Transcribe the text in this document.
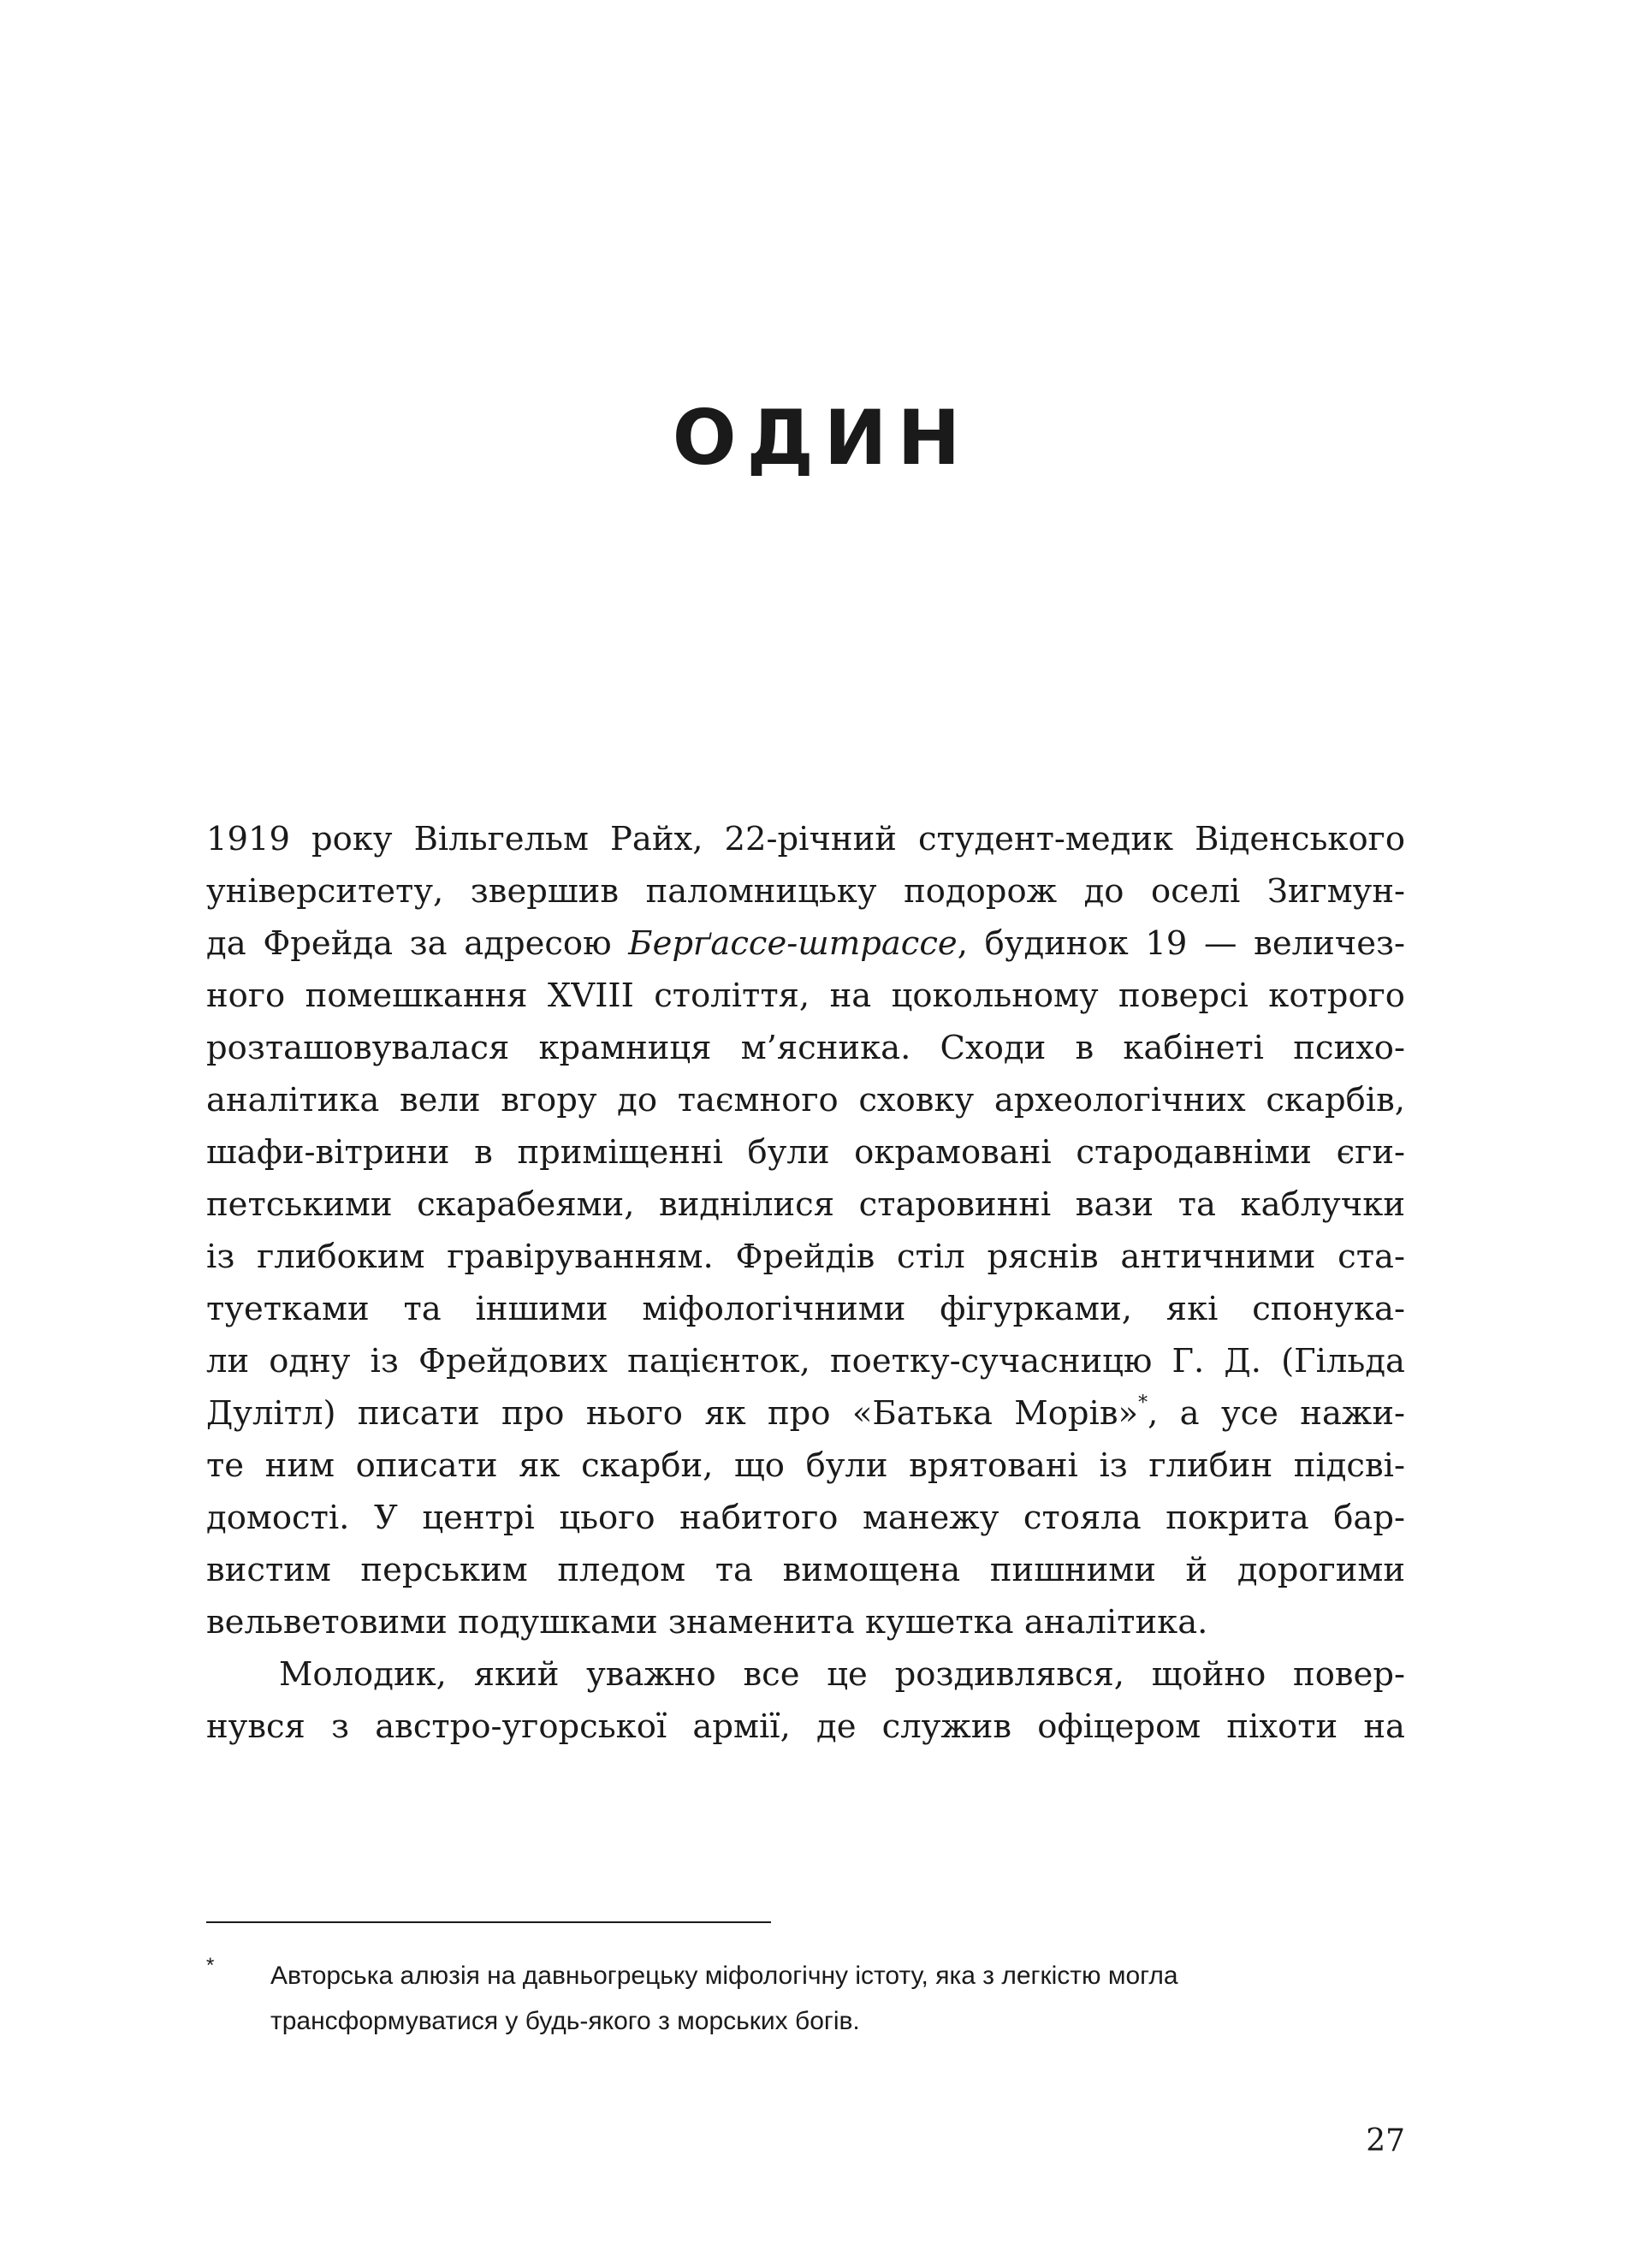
ОДИН
1919 року Вільгельм Райх, 22-річний студент-медик Віденського
університету, звершив паломницьку подорож до оселі Зигмун-
да Фрейда за адресою Берґассе-штрассе, будинок 19 — величез-
ного помешкання XVIII століття, на цокольному поверсі котрого
розташовувалася крамниця м’ясника. Сходи в кабінеті психо-
аналітика вели вгору до таємного сховку археологічних скарбів,
шафи-вітрини в приміщенні були окрамовані стародавніми єги-
петськими скарабеями, виднілися старовинні вази та каблучки
із глибоким гравіруванням. Фрейдів стіл ряснів античними ста-
туетками та іншими міфологічними фігурками, які спонука-
ли одну із Фрейдових пацієнток, поетку-сучасницю Г. Д. (Гільда
Дулітл) писати про нього як про «Батька Морів»*, а усе нажи-
те ним описати як скарби, що були врятовані із глибин підсві-
домості. У центрі цього набитого манежу стояла покрита бар-
вистим перським пледом та вимощена пишними й дорогими
вельветовими подушками знаменита кушетка аналітика.
Молодик, який уважно все це роздивлявся, щойно повер-
нувся з австро-угорської армії, де служив офіцером піхоти на
* Авторська алюзія на давньогрецьку міфологічну істоту, яка з легкістю могла
трансформуватися у будь-якого з морських богів.
27
